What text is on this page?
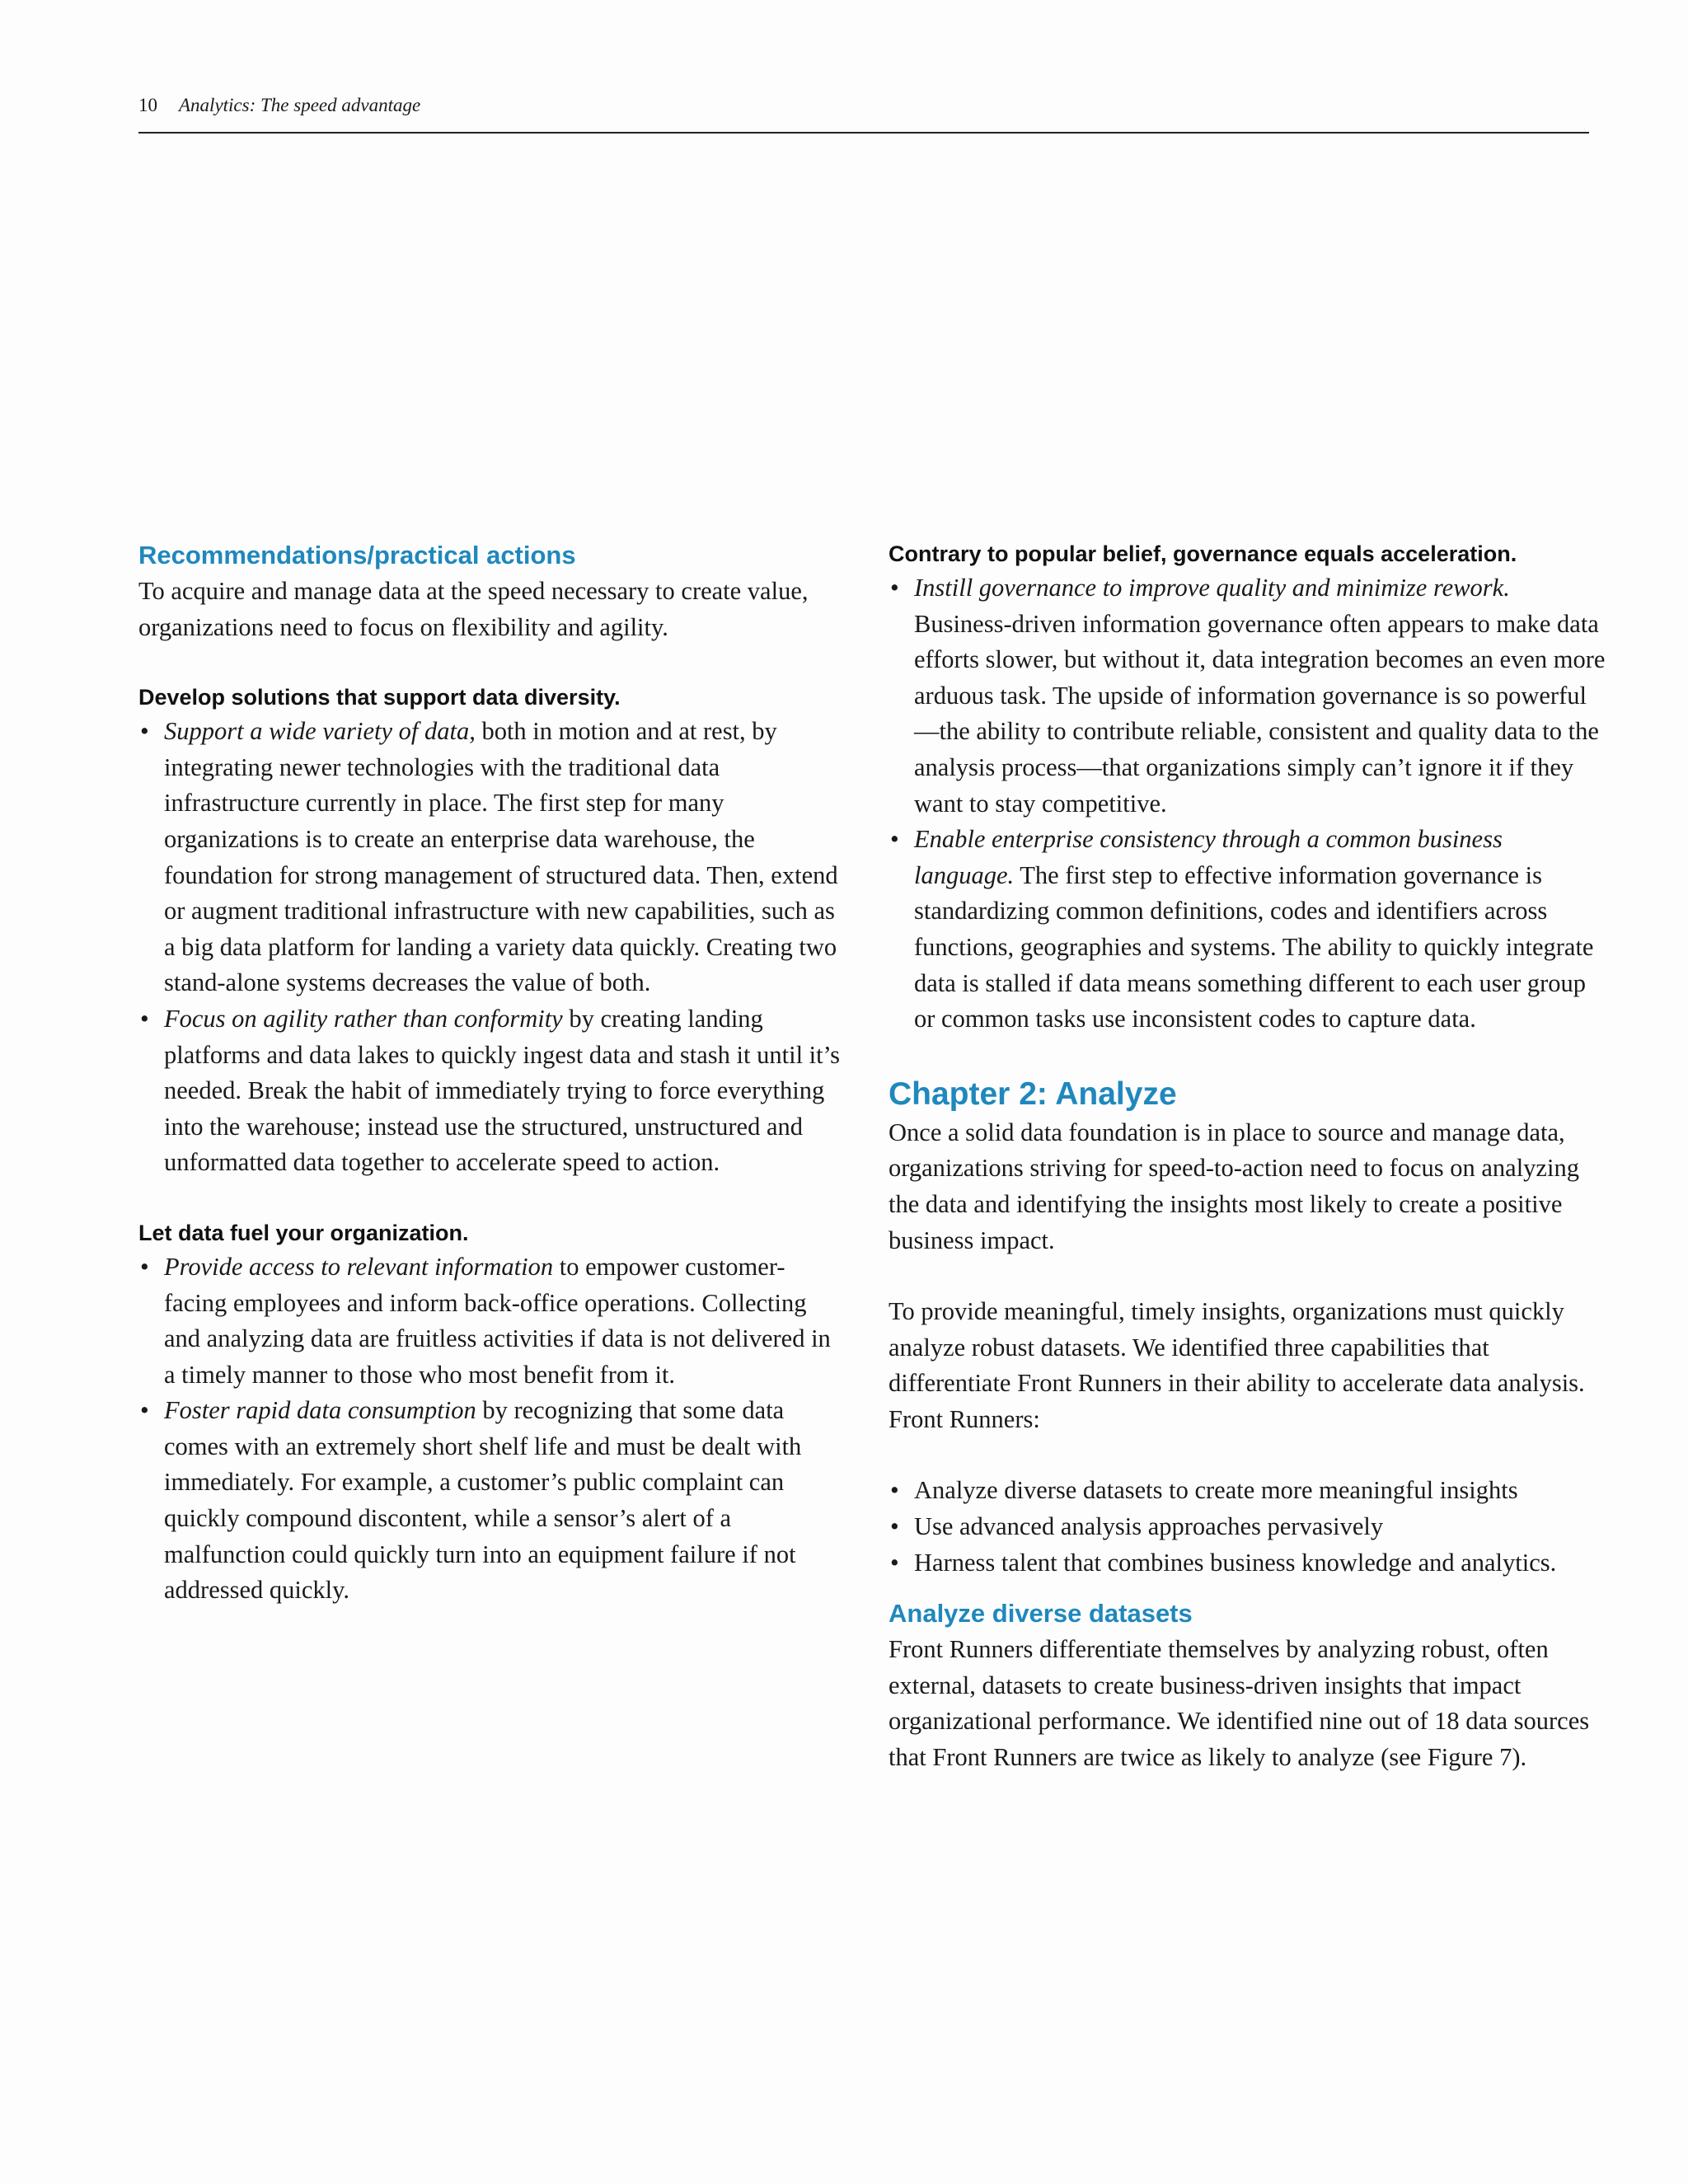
10 Analytics: The speed advantage
Recommendations/practical actions

To acquire and manage data at the speed necessary to create value, organizations need to focus on flexibility and agility.

Develop solutions that support data diversity.
• Support a wide variety of data, both in motion and at rest, by integrating newer technologies with the traditional data infrastructure currently in place. The first step for many organizations is to create an enterprise data warehouse, the foundation for strong management of structured data. Then, extend or augment traditional infrastructure with new capabilities, such as a big data platform for landing a variety data quickly. Creating two stand-alone systems decreases the value of both.
• Focus on agility rather than conformity by creating landing platforms and data lakes to quickly ingest data and stash it until it’s needed. Break the habit of immediately trying to force everything into the warehouse; instead use the structured, unstructured and unformatted data together to accelerate speed to action.
Let data fuel your organization.
• Provide access to relevant information to empower customer-facing employees and inform back-office operations. Collecting and analyzing data are fruitless activities if data is not delivered in a timely manner to those who most benefit from it.
• Foster rapid data consumption by recognizing that some data comes with an extremely short shelf life and must be dealt with immediately. For example, a customer’s public complaint can quickly compound discontent, while a sensor’s alert of a malfunction could quickly turn into an equipment failure if not addressed quickly.
Contrary to popular belief, governance equals acceleration.
• Instill governance to improve quality and minimize rework. Business-driven information governance often appears to make data efforts slower, but without it, data integration becomes an even more arduous task. The upside of information governance is so powerful—the ability to contribute reliable, consistent and quality data to the analysis process—that organizations simply can’t ignore it if they want to stay competitive.
• Enable enterprise consistency through a common business language. The first step to effective information governance is standardizing common definitions, codes and identifiers across functions, geographies and systems. The ability to quickly integrate data is stalled if data means something different to each user group or common tasks use inconsistent codes to capture data.
Chapter 2: Analyze

Once a solid data foundation is in place to source and manage data, organizations striving for speed-to-action need to focus on analyzing the data and identifying the insights most likely to create a positive business impact.

To provide meaningful, timely insights, organizations must quickly analyze robust datasets. We identified three capabilities that differentiate Front Runners in their ability to accelerate data analysis. Front Runners:

• Analyze diverse datasets to create more meaningful insights
• Use advanced analysis approaches pervasively
• Harness talent that combines business knowledge and analytics.
Analyze diverse datasets

Front Runners differentiate themselves by analyzing robust, often external, datasets to create business-driven insights that impact organizational performance. We identified nine out of 18 data sources that Front Runners are twice as likely to analyze (see Figure 7).
